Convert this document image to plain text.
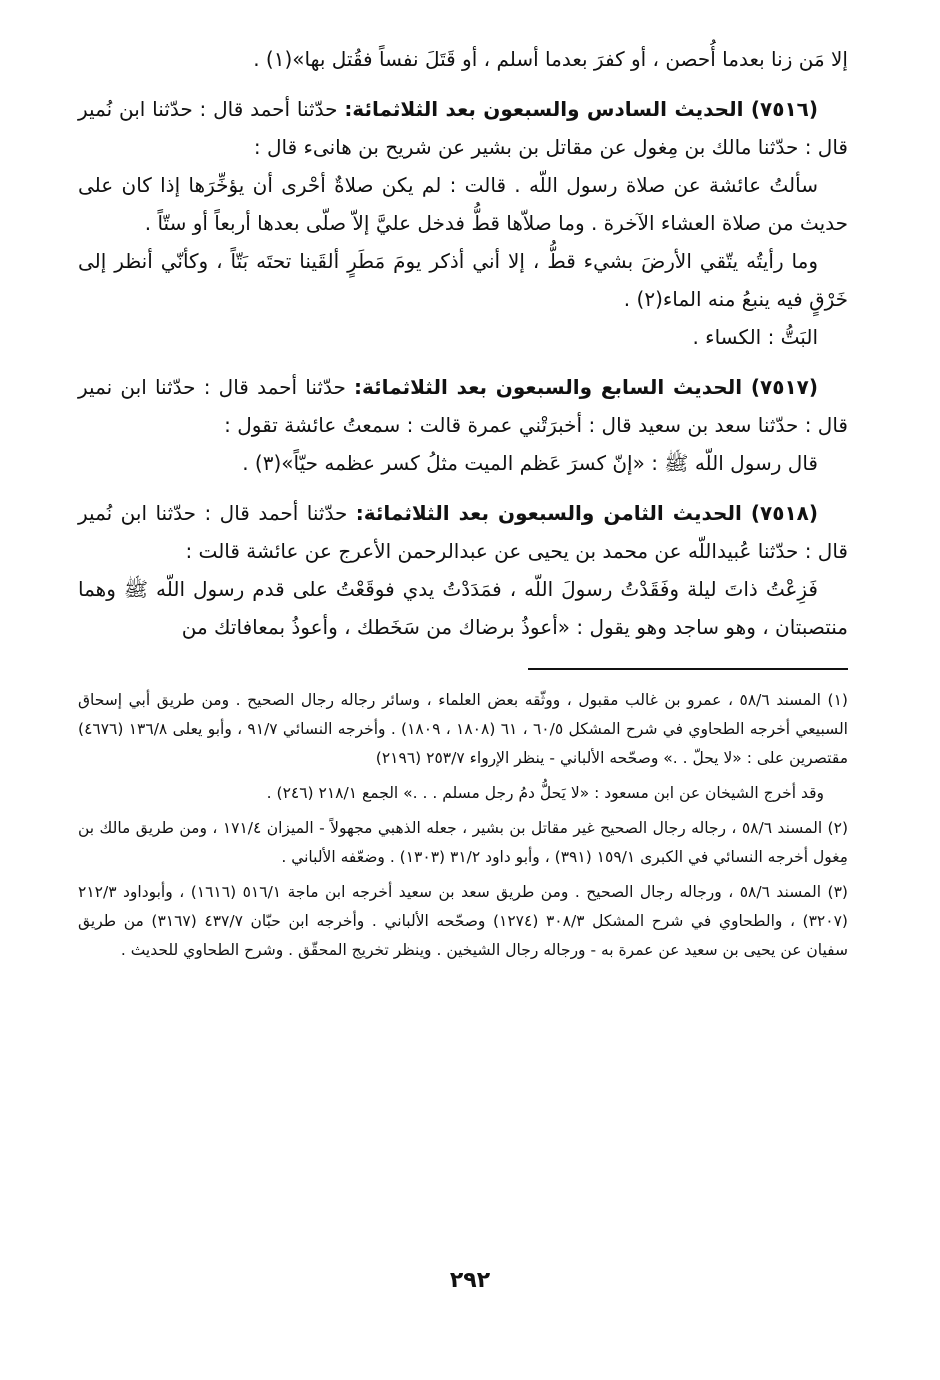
إلا مَن زنا بعدما أُحصن ، أو كفرَ بعدما أسلم ، أو قَتَلَ نفساً فقُتل بها»(١) .

(٧٥١٦) الحديث السادس والسبعون بعد الثلاثمائة: حدّثنا أحمد قال : حدّثنا ابن نُمير قال : حدّثنا مالك بن مِغول عن مقاتل بن بشير عن شريح بن هانىء قال :

سألتُ عائشة عن صلاة رسول اللّه . قالت : لم يكن صلاةٌ أحْرى أن يؤخِّرَها إذا كان على حديث من صلاة العشاء الآخرة . وما صلاّها قطُّ فدخل عليَّ إلاّ صلّى بعدها أربعاً أو ستّاً .

وما رأيتُه يتّقي الأرضَ بشيء قطُّ ، إلا أني أذكر يومَ مَطَرٍ ألقَينا تحتَه بَتّاً ، وكأنّي أنظر إلى خَرْقٍ فيه ينبعُ منه الماء(٢) .

البَتُّ : الكساء .

(٧٥١٧) الحديث السابع والسبعون بعد الثلاثمائة: حدّثنا أحمد قال : حدّثنا ابن نمير قال : حدّثنا سعد بن سعيد قال : أخبرَتْني عمرة قالت : سمعتُ عائشة تقول :

قال رسول اللّه ﷺ : «إنّ كسرَ عَظم الميت مثلُ كسر عظمه حيّاً»(٣) .

(٧٥١٨) الحديث الثامن والسبعون بعد الثلاثمائة: حدّثنا أحمد قال : حدّثنا ابن نُمير قال : حدّثنا عُبيداللّه عن محمد بن يحيى عن عبدالرحمن الأعرج عن عائشة قالت :

فَزِعْتُ ذاتَ ليلة وفَقَدْتُ رسولَ اللّه ، فمَدَدْتُ يدي فوقَعْتُ على قدم رسول اللّه ﷺ وهما منتصبتان ، وهو ساجد وهو يقول : «أعوذُ برضاك من سَخَطك ، وأعوذُ بمعافاتك من

(١) المسند ٥٨/٦ ، عمرو بن غالب مقبول ، ووثّقه بعض العلماء ، وسائر رجاله رجال الصحيح . ومن طريق أبي إسحاق السبيعي أخرجه الطحاوي في شرح المشكل ٦٠/٥ ، ٦١ (١٨٠٨ ، ١٨٠٩) . وأخرجه النسائي ٩١/٧ ، وأبو يعلى ١٣٦/٨ (٤٦٧٦) مقتصرين على : «لا يحلّ . .» وصحّحه الألباني - ينظر الإرواء ٢٥٣/٧ (٢١٩٦)

وقد أخرج الشيخان عن ابن مسعود : «لا يَحلُّ دمُ رجل مسلم . . .» الجمع ٢١٨/١ (٢٤٦) .

(٢) المسند ٥٨/٦ ، رجاله رجال الصحيح غير مقاتل بن بشير ، جعله الذهبي مجهولاً - الميزان ١٧١/٤ ، ومن طريق مالك بن مِغول أخرجه النسائي في الكبرى ١٥٩/١ (٣٩١) ، وأبو داود ٣١/٢ (١٣٠٣) . وضعّفه الألباني .

(٣) المسند ٥٨/٦ ، ورجاله رجال الصحيح . ومن طريق سعد بن سعيد أخرجه ابن ماجة ٥١٦/١ (١٦١٦) ، وأبوداود ٢١٢/٣ (٣٢٠٧) ، والطحاوي في شرح المشكل ٣٠٨/٣ (١٢٧٤) وصحّحه الألباني . وأخرجه ابن حبّان ٤٣٧/٧ (٣١٦٧) من طريق سفيان عن يحيى بن سعيد عن عمرة به - ورجاله رجال الشيخين . وينظر تخريج المحقّق . وشرح الطحاوي للحديث .

٢٩٢
